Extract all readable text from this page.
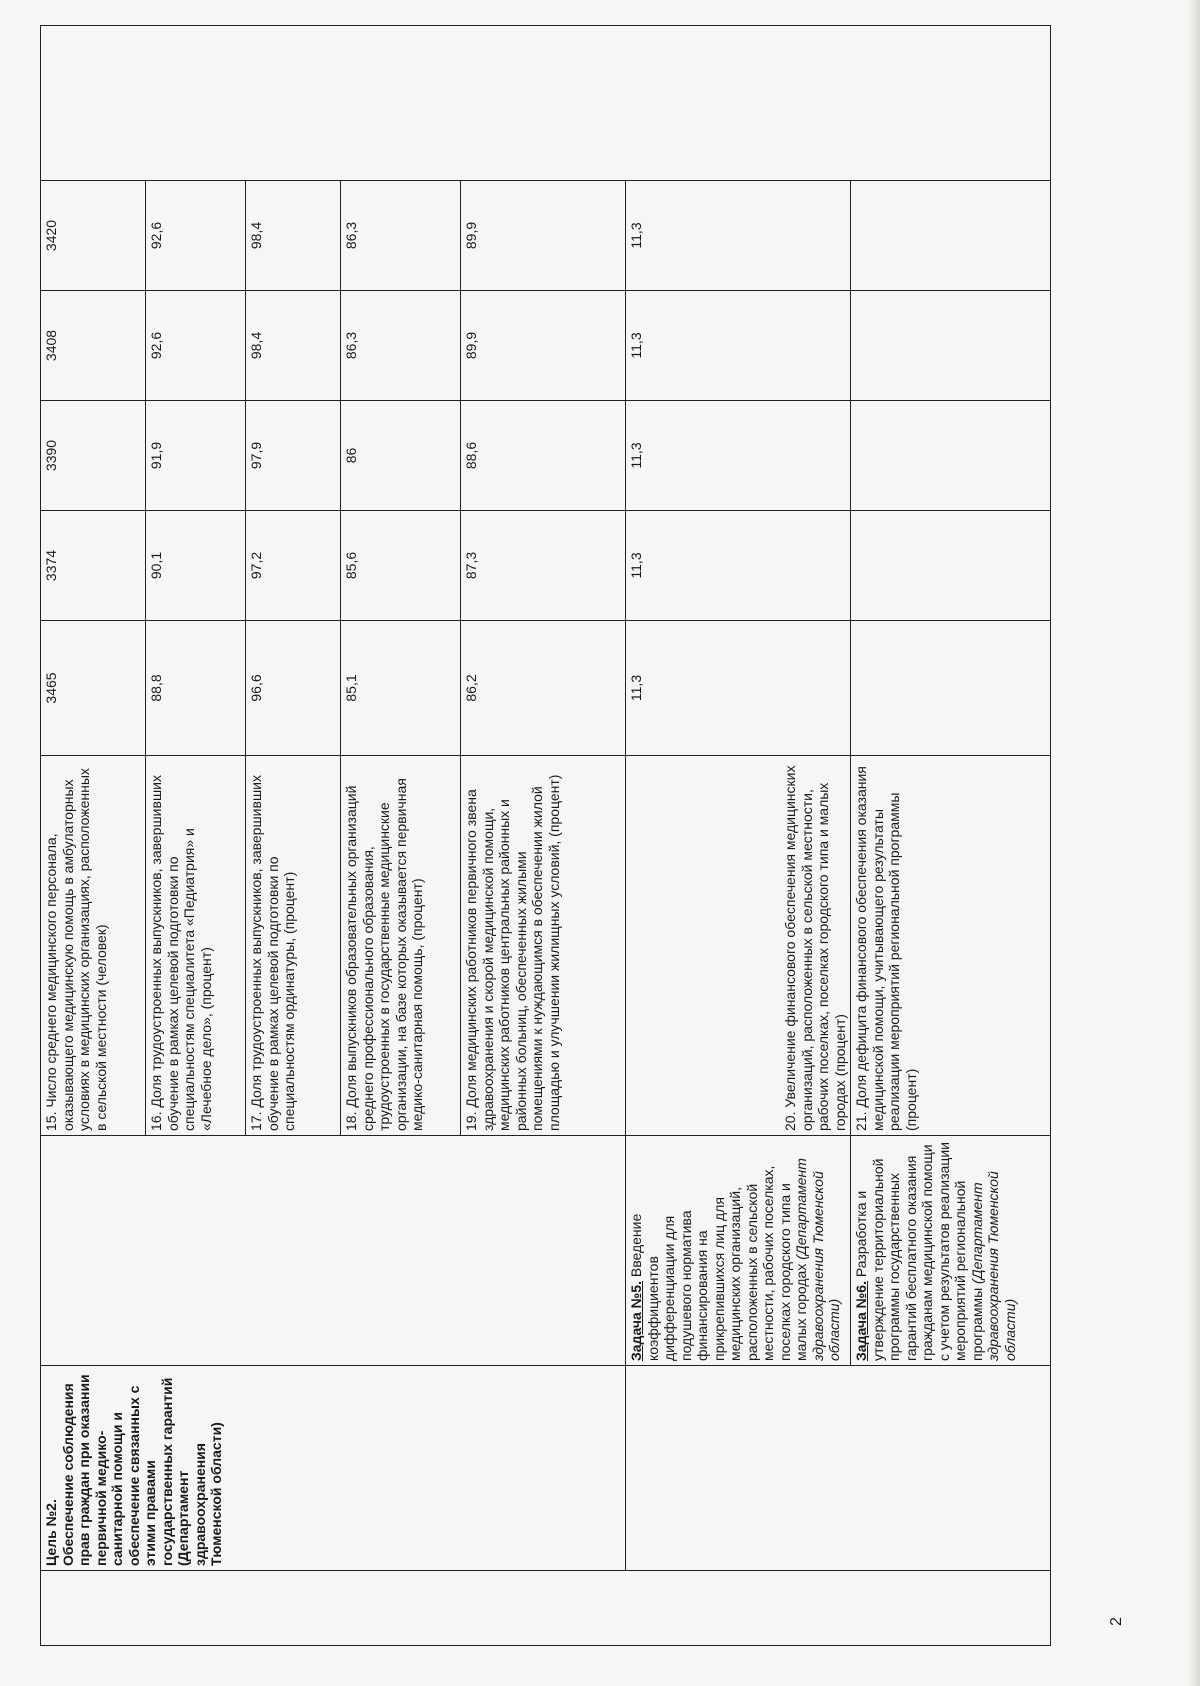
2
	Цель №2.
Обеспечение соблюдения прав граждан при оказании первичной медико-санитарной помощи и обеспечение связанных с этими правами государственных гарантий (Департамент здравоохранения Тюменской области)		15. Число среднего медицинского персонала, оказывающего медицинскую помощь в амбулаторных условиях в медицинских организациях, расположенных в сельской местности (человек)	3465	3374	3390	3408	3420	
			16. Доля трудоустроенных выпускников, завершивших обучение в рамках целевой подготовки по специальностям специалитета «Педиатрия» и «Лечебное дело», (процент)	88,8	90,1	91,9	92,6	92,6	
			17. Доля трудоустроенных выпускников, завершивших обучение в рамках целевой подготовки по специальностям ординатуры, (процент)	96,6	97,2	97,9	98,4	98,4	
			18. Доля выпускников образовательных организаций среднего профессионального образования, трудоустроенных в государственные медицинские организации, на базе которых оказывается первичная медико-санитарная помощь, (процент)	85,1	85,6	86	86,3	86,3	
			19. Доля медицинских работников первичного звена здравоохранения и скорой медицинской помощи, медицинских работников центральных районных и районных больниц, обеспеченных жилыми помещениями к нуждающимся в обеспечении жилой площадью и улучшении жилищных условий, (процент)	86,2	87,3	88,6	89,9	89,9	
		Задача №5. Введение коэффициентов дифференциации для подушевого норматива финансирования на прикрепившихся лиц для медицинских организаций, расположенных в сельской местности, рабочих поселках, поселках городского типа и малых городах (Департамент здравоохранения Тюменской области)	20. Увеличение финансового обеспечения медицинских организаций, расположенных в сельской местности, рабочих поселках, поселках городского типа и малых городах (процент)	11,3	11,3	11,3	11,3	11,3	
		Задача №6. Разработка и утверждение территориальной программы государственных гарантий бесплатного оказания гражданам медицинской помощи с учетом результатов реализации мероприятий региональной программы (Департамент здравоохранения Тюменской области)	21. Доля дефицита финансового обеспечения оказания медицинской помощи, учитывающего результаты реализации мероприятий региональной программы (процент)						
